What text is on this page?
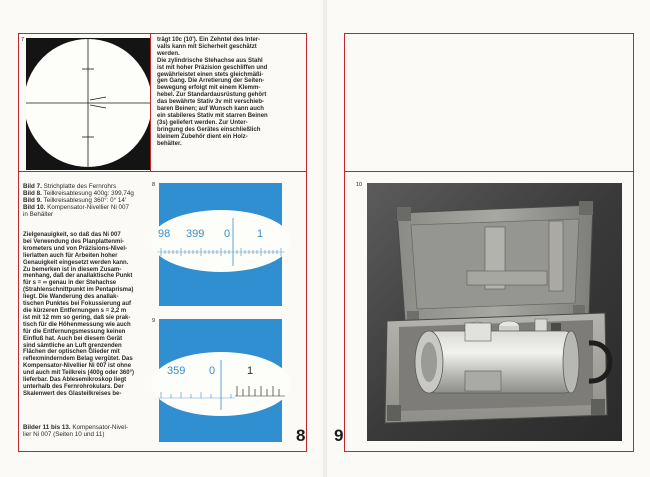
7	trägt 10c (10'). Ein Zehntel des Inter-

valls kann mit Sicherheit geschätzt

werden.

Die zylindrische Stehachse aus Stahl

ist mit hoher Präzision geschliffen und

gewährleistet einen stets gleichmäßi-

gen Gang. Die Arretierung der Seiten-

bewegung erfolgt mit einem Klemm-

hebel. Zur Standardausrüstung gehört

das bewährte Stativ 3v mit verschieb-

baren Beinen; auf Wunsch kann auch

ein stabileres Stativ mit starren Beinen

(3s) geliefert werden. Zur Unter-

bringung des Gerätes einschließlich

kleinem Zubehör dient ein Holz-

behälter.

Bild 7. Strichplatte des Fernrohrs
Bild 8. Teilkreisablesung 400g: 399,74g
Bild 9. Teilkreisablesung 360°: 0° 14'
Bild 10. Kompensator-Nivellier Ni 007
in Behälter

Zielgenauigkeit, so daß das Ni 007

bei Verwendung des Planplattenmi-

krometers und von Präzisions-Nivel-

lierlatten auch für Arbeiten hoher

Genauigkeit eingesetzt werden kann.

Zu bemerken ist in diesem Zusam-

menhang, daß der anallaktische Punkt

für s = ∞ genau in der Stehachse

(Strahlenschnittpunkt im Pentaprisma)

liegt. Die Wanderung des anallak-

tischen Punktes bei Fokussierung auf

die kürzeren Entfernungen s = 2,2 m

ist mit 12 mm so gering, daß sie prak-

tisch für die Höhenmessung wie auch

für die Entfernungsmessung keinen

Einfluß hat. Auch bei diesem Gerät

sind sämtliche an Luft grenzenden

Flächen der optischen Glieder mit

reflexminderndem Belag vergütet. Das

Kompensator-Nivellier Ni 007 ist ohne

und auch mit Teilkreis (400g oder 360°)

lieferbar. Das Ablesemikroskop liegt

unterhalb des Fernrohrokulars. Der

Skalenwert des Glasteilkreises be-

Bilder 11 bis 13. Kompensator-Nivel-
lier Ni 007 (Seiten 10 und 11)
8
98 399 0 1
9
359 0	1
8
10
9
